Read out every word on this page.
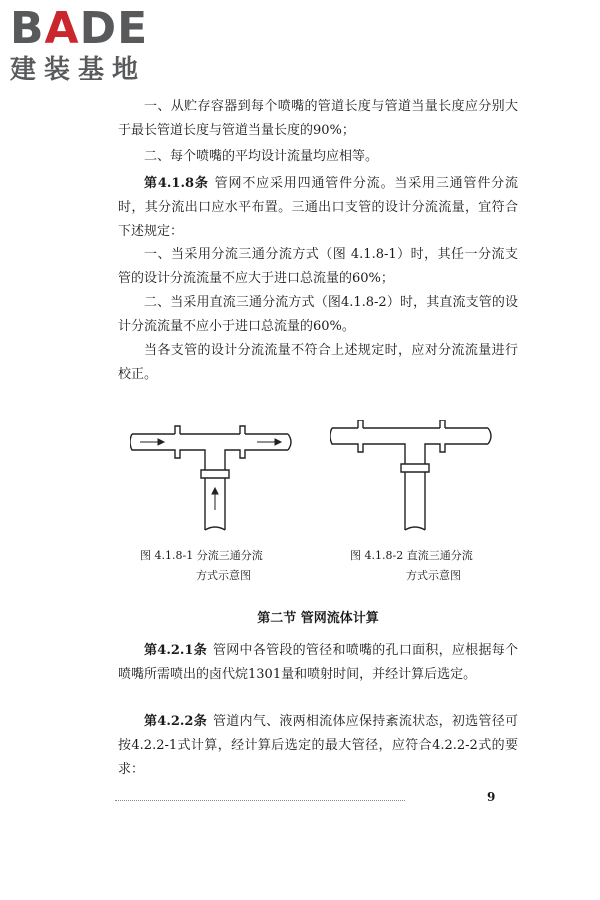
BADE
建装基地

一、从贮存容器到每个喷嘴的管道长度与管道当量长度应分别大于最长管道长度与管道当量长度的90%；

二、每个喷嘴的平均设计流量均应相等。

第4.1.8条 管网不应采用四通管件分流。当采用三通管件分流时，其分流出口应水平布置。三通出口支管的设计分流流量，宜符合下述规定：

一、当采用分流三通分流方式（图 4.1.8-1）时，其任一分流支管的设计分流流量不应大于进口总流量的60%；

二、当采用直流三通分流方式（图4.1.8-2）时，其直流支管的设计分流流量不应小于进口总流量的60%。

当各支管的设计分流流量不符合上述规定时，应对分流流量进行校正。

图 4.1.8-1 分流三通分流
方式示意图
图 4.1.8-2 直流三通分流
方式示意图

第二节 管网流体计算

第4.2.1条 管网中各管段的管径和喷嘴的孔口面积，应根据每个喷嘴所需喷出的卤代烷1301量和喷射时间，并经计算后选定。

第4.2.2条 管道内气、液两相流体应保持紊流状态，初选管径可按4.2.2-1式计算，经计算后选定的最大管径，应符合4.2.2-2式的要求：

9
